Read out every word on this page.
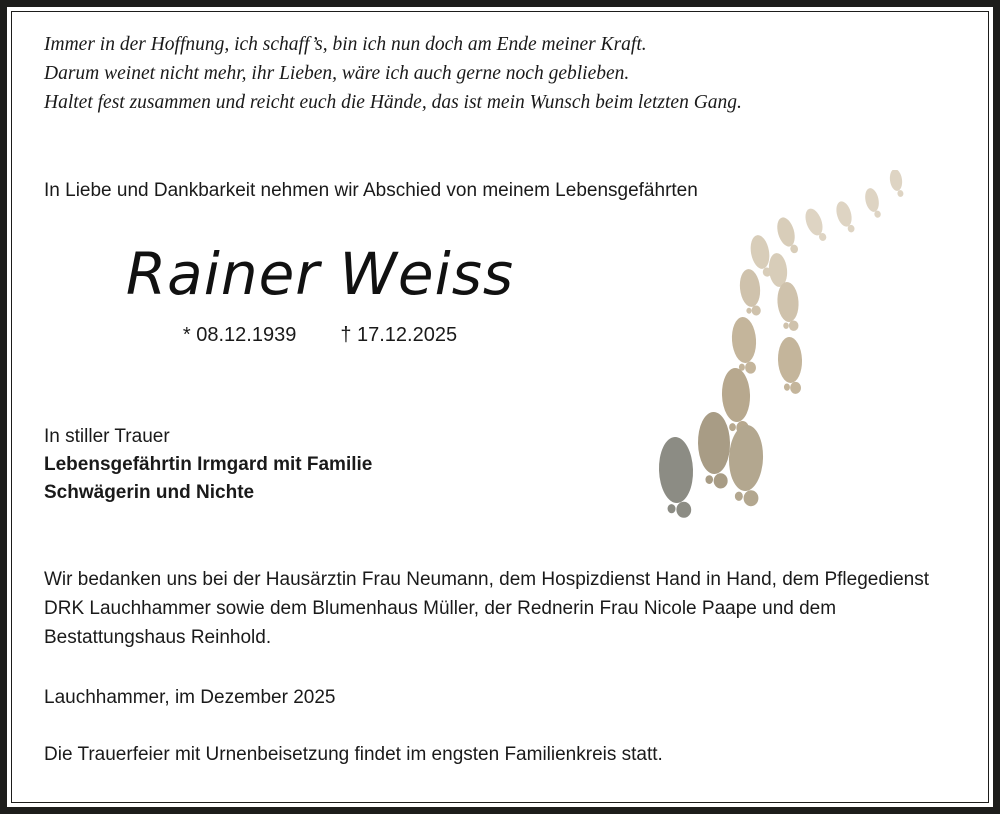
Immer in der Hoffnung, ich schaff’s, bin ich nun doch am Ende meiner Kraft.
Darum weinet nicht mehr, ihr Lieben, wäre ich auch gerne noch geblieben.
Haltet fest zusammen und reicht euch die Hände, das ist mein Wunsch beim letzten Gang.
In Liebe und Dankbarkeit nehmen wir Abschied von meinem Lebensgefährten
Rainer Weiss
* 08.12.1939 † 17.12.2025
In stiller Trauer
Lebensgefährtin Irmgard mit Familie
Schwägerin und Nichte
Wir bedanken uns bei der Hausärztin Frau Neumann, dem Hospizdienst Hand in Hand, dem Pflegedienst DRK Lauchhammer sowie dem Blumenhaus Müller, der Rednerin Frau Nicole Paape und dem Bestattungshaus Reinhold.
Lauchhammer, im Dezember 2025
Die Trauerfeier mit Urnenbeisetzung findet im engsten Familienkreis statt.
